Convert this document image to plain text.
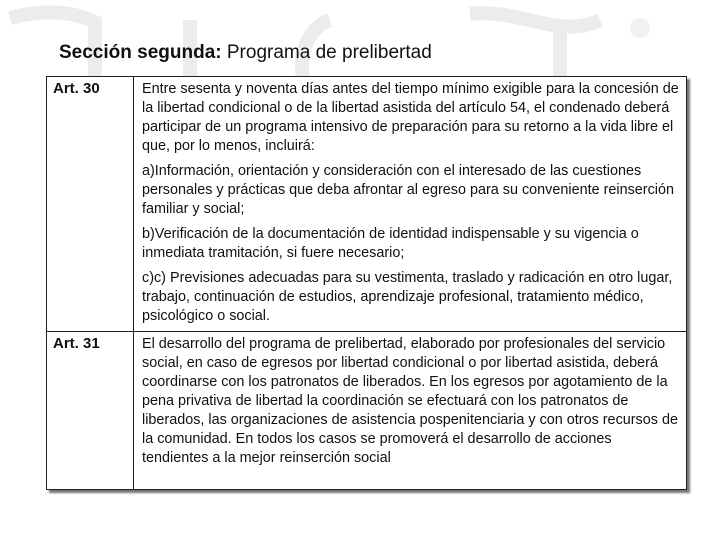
Sección segunda: Programa de prelibertad
Art. 30	Entre sesenta y noventa días antes del tiempo mínimo exigible para la concesión de la libertad condicional o de la libertad asistida del artículo 54, el condenado deberá participar de un programa intensivo de preparación para su retorno a la vida libre el que, por lo menos, incluirá:

a)Información, orientación y consideración con el interesado de las cuestiones personales y prácticas que deba afrontar al egreso para su conveniente reinserción familiar y social;

b)Verificación de la documentación de identidad indispensable y su vigencia o inmediata tramitación, si fuere necesario;

c)c) Previsiones adecuadas para su vestimenta, traslado y radicación en otro lugar, trabajo, continuación de estudios, aprendizaje profesional, tratamiento médico, psicológico o social.

Art. 31	El desarrollo del programa de prelibertad, elaborado por profesionales del servicio social, en caso de egresos por libertad condicional o por libertad asistida, deberá coordinarse con los patronatos de liberados. En los egresos por agotamiento de la pena privativa de libertad la coordinación se efectuará con los patronatos de liberados, las organizaciones de asistencia pospenitenciaria y con otros recursos de la comunidad. En todos los casos se promoverá el desarrollo de acciones tendientes a la mejor reinserción social
